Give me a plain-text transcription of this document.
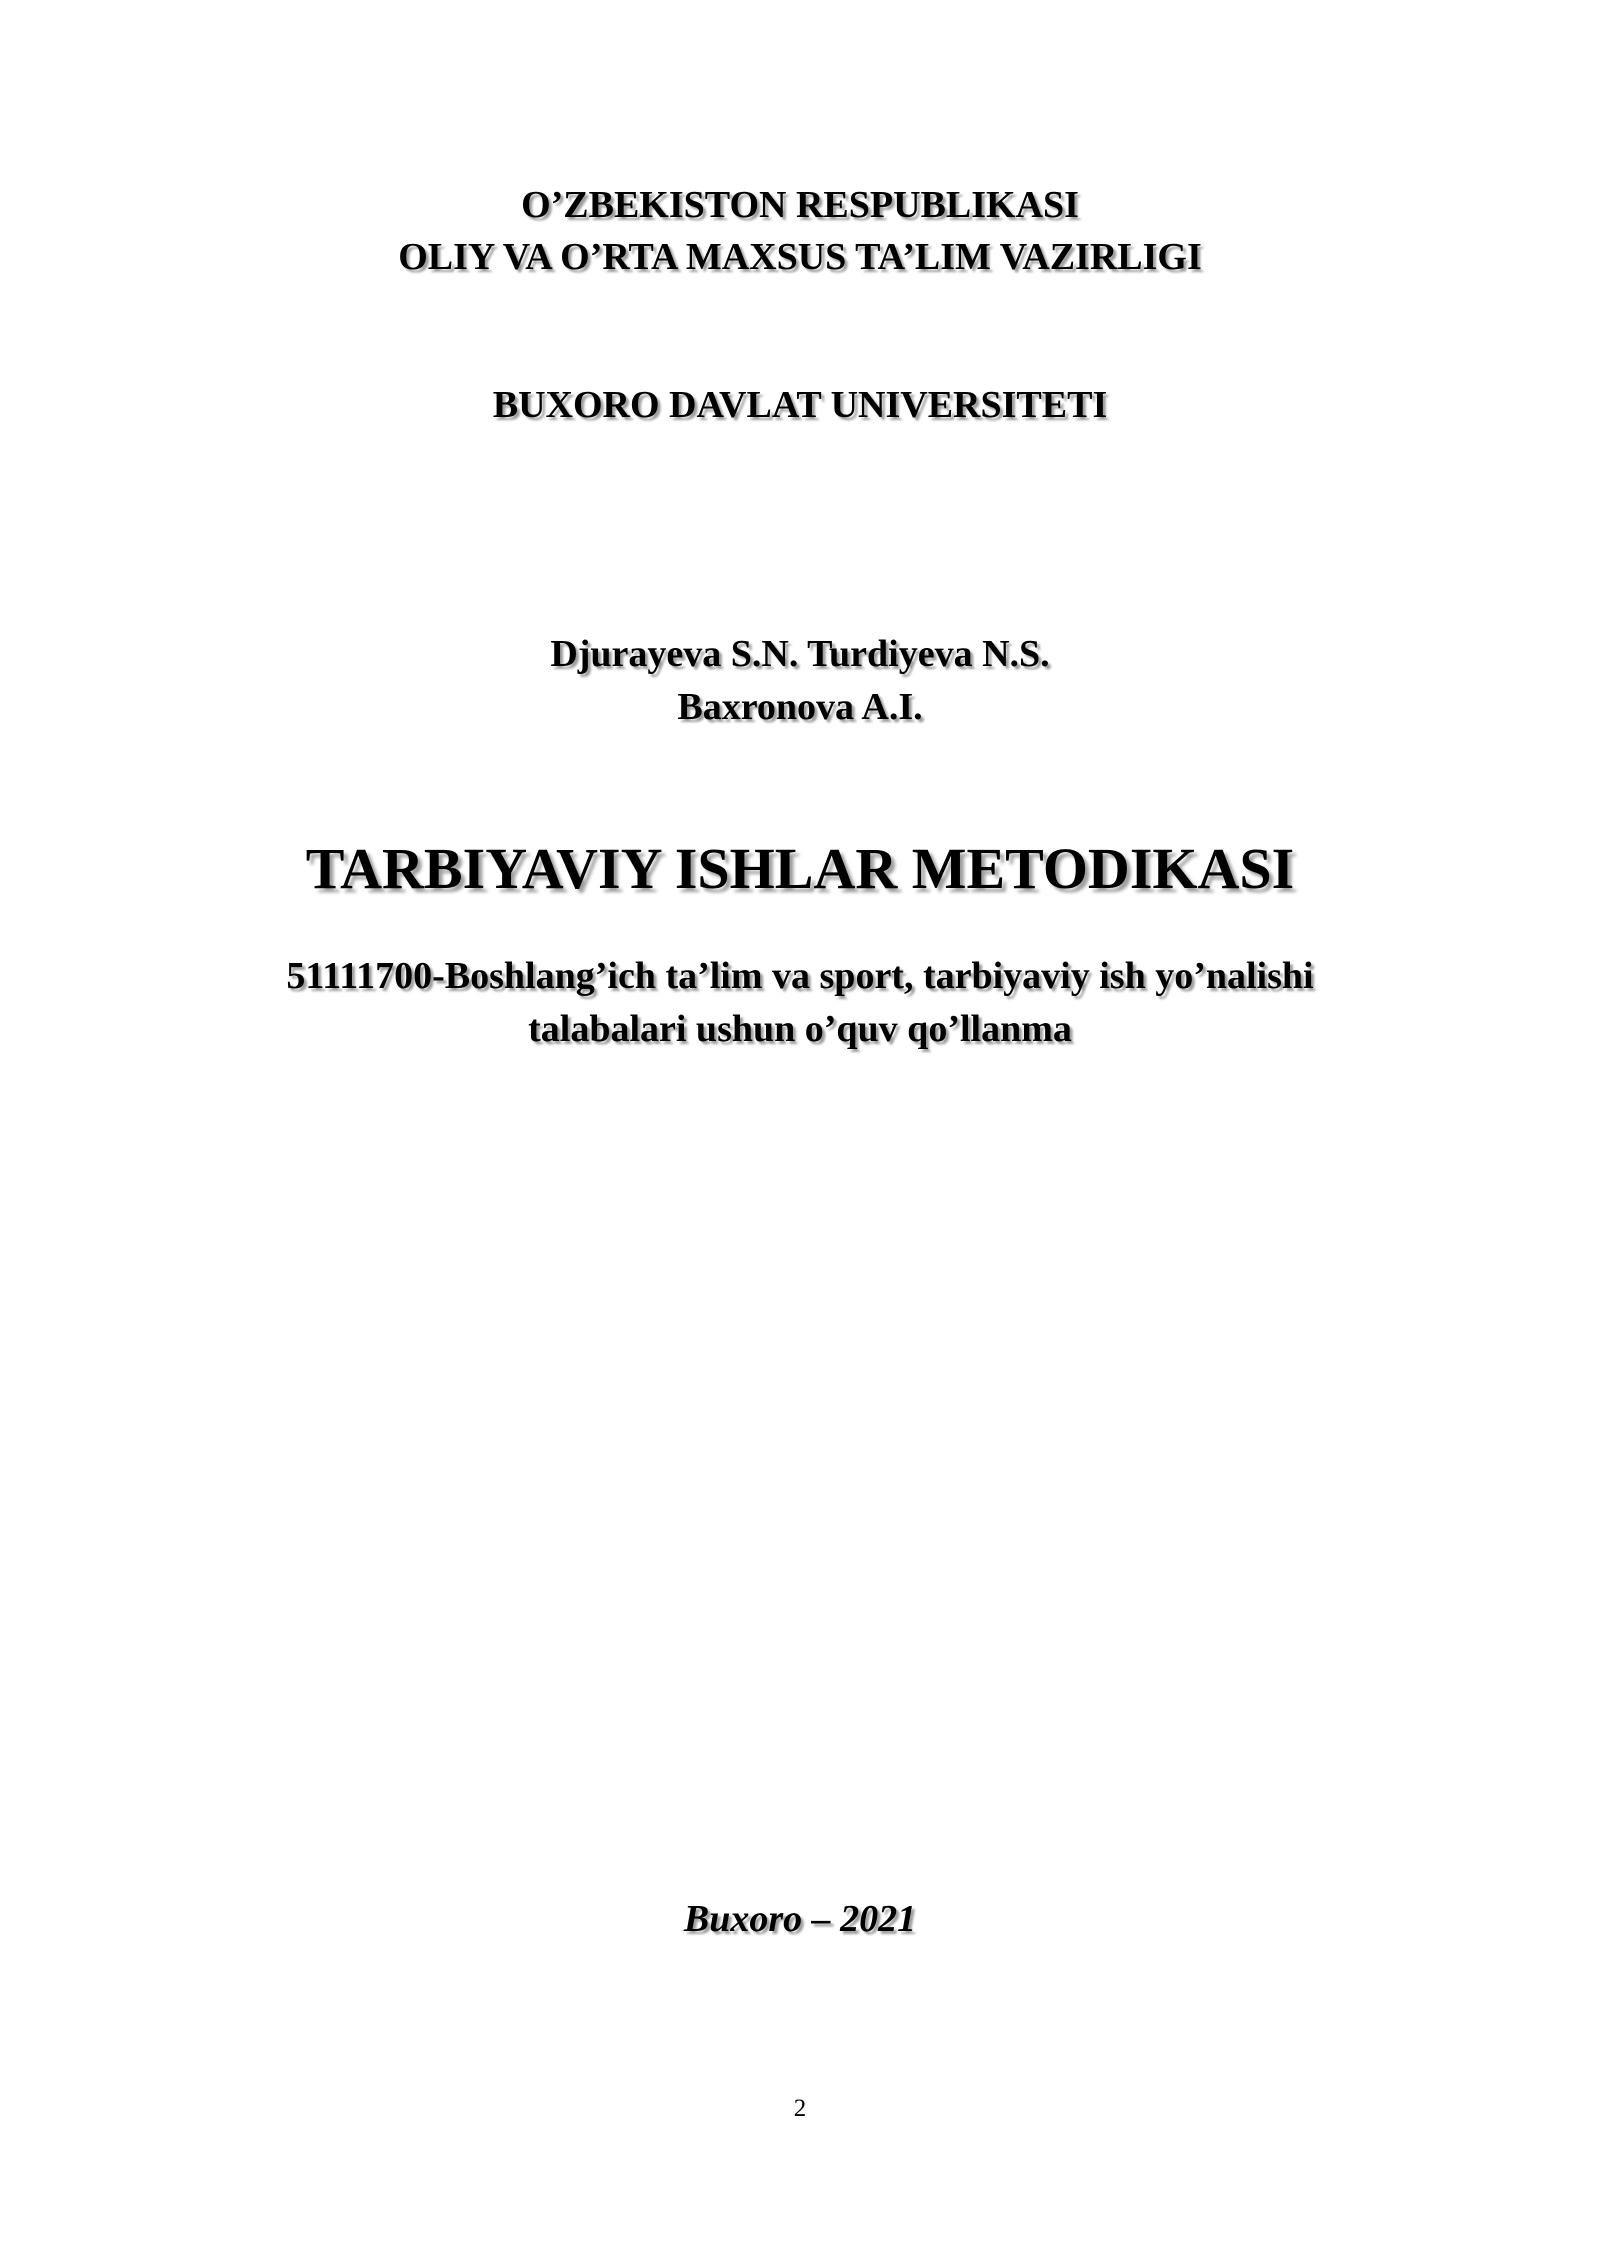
O’ZBEKISTON RESPUBLIKASI
OLIY VA O’RTA MAXSUS TA’LIM VAZIRLIGI
BUXORO DAVLAT UNIVERSITETI
Djurayeva S.N. Turdiyeva N.S.
Baxronova A.I.
TARBIYAVIY ISHLAR METODIKASI
51111700-Boshlang’ich ta’lim va sport, tarbiyaviy ish yo’nalishi
talabalari ushun o’quv qo’llanma
Buxoro – 2021
2
